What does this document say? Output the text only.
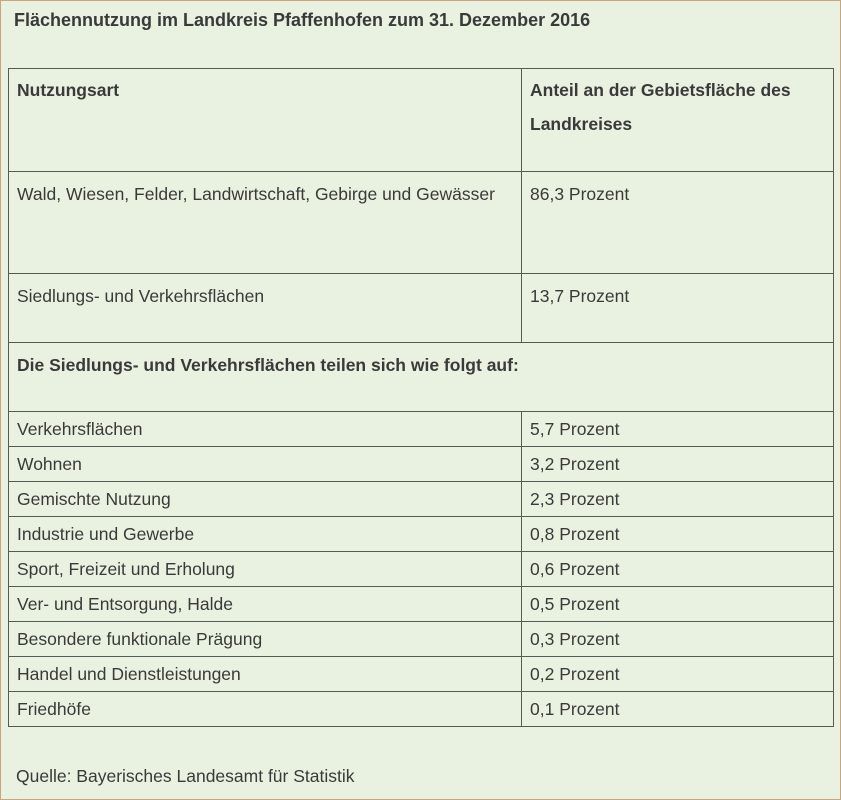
Flächennutzung im Landkreis Pfaffenhofen zum 31. Dezember 2016
Nutzungsart	Anteil an der Gebietsfläche des Landkreises
Wald, Wiesen, Felder, Landwirtschaft, Gebirge und Gewässer	86,3 Prozent
Siedlungs- und Verkehrsflächen	13,7 Prozent
Die Siedlungs- und Verkehrsflächen teilen sich wie folgt auf:	
Verkehrsflächen	5,7 Prozent
Wohnen	3,2 Prozent
Gemischte Nutzung	2,3 Prozent
Industrie und Gewerbe	0,8 Prozent
Sport, Freizeit und Erholung	0,6 Prozent
Ver- und Entsorgung, Halde	0,5 Prozent
Besondere funktionale Prägung	0,3 Prozent
Handel und Dienstleistungen	0,2 Prozent
Friedhöfe	0,1 Prozent
Quelle: Bayerisches Landesamt für Statistik
